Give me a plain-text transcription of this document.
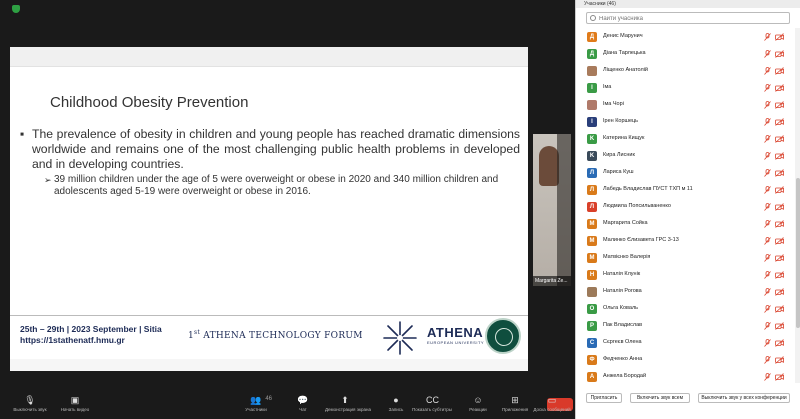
Childhood Obesity Prevention
▪ The prevalence of obesity in children and young people has reached dramatic dimensions worldwide and remains one of the most challenging public health problems in developed and in developing countries.
➢ 39 million children under the age of 5 were overweight or obese in 2020 and 340 million children and adolescents aged 5-19 were overweight or obese in 2016.
25th – 29th | 2023 September | Sitia
https://1stathenatf.hmu.gr	1st ATHENA TECHNOLOGY FORUM	ATHENA
EUROPEAN UNIVERSITY
Margarita Ze...
Учасники (46)
Найти учасника
Д	Денис Марунич
Д	Діана Тарлецька
Ліщенко Анатолій
I	Іма
Іма Чорі
I	Ірен Коршець
K	Катерина Кищук
K	Кира Лисник
Л	Лариса Куш
Л	Лабедь Владислав ПУСТ ТХП м 11
Л	Людмила Попсильваненко
M	Маргарита Сойка
M	Малинко Єлизавета ГРС 3-13
M	Матвієнко Валерія
H	Наталія Клунік
Наталія Рогова
O	Ольга Коваль
P	Пак Владислав
C	Сєргеєв Олена
Ф	Федченко Анна
A	Анжела Бородай
Пригласить	Включить звук всем	Выключить звук у всех конференции
🎙
Выключить звук
▣
Начать видео
👥
Участники
46	💬
Чат
⬆
Демонстрация экрана
●
Запись
CC
Показать субтитры
☺
Реакции
⊞
Приложения
▭
Доска сообщений
